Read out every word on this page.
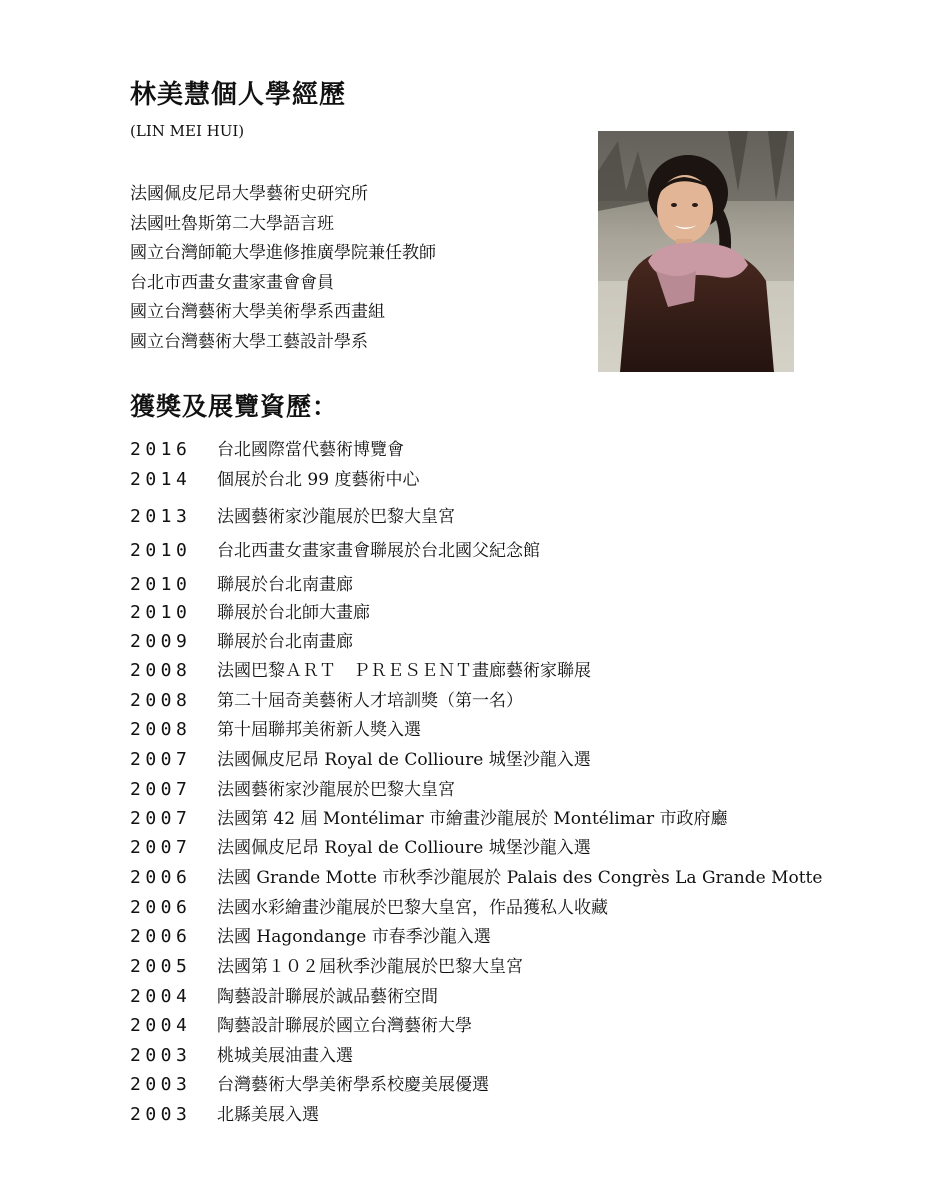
林美慧個人學經歷
(LIN MEI HUI)
法國佩皮尼昂大學藝術史研究所
法國吐魯斯第二大學語言班
國立台灣師範大學進修推廣學院兼任教師
台北市西畫女畫家畫會會員
國立台灣藝術大學美術學系西畫組
國立台灣藝術大學工藝設計學系
獲獎及展覽資歷：
2016	台北國際當代藝術博覽會
2014	個展於台北 99 度藝術中心
2013	法國藝術家沙龍展於巴黎大皇宮
2010	台北西畫女畫家畫會聯展於台北國父紀念館
2010	聯展於台北南畫廊
2010	聯展於台北師大畫廊
2009	聯展於台北南畫廊
2008	法國巴黎ＡＲＴ　ＰＲＥＳＥＮＴ畫廊藝術家聯展
2008	第二十屆奇美藝術人才培訓獎（第一名）
2008	第十屆聯邦美術新人獎入選
2007	法國佩皮尼昂 Royal de Collioure 城堡沙龍入選
2007	法國藝術家沙龍展於巴黎大皇宮
2007	法國第 42 屆 Montélimar 市繪畫沙龍展於 Montélimar 市政府廳
2007	法國佩皮尼昂 Royal de Collioure 城堡沙龍入選
2006	法國 Grande Motte 市秋季沙龍展於 Palais des Congrès La Grande Motte
2006	法國水彩繪畫沙龍展於巴黎大皇宮，作品獲私人收藏
2006	法國 Hagondange 市春季沙龍入選
2005	法國第１０２屆秋季沙龍展於巴黎大皇宮
2004	陶藝設計聯展於誠品藝術空間
2004	陶藝設計聯展於國立台灣藝術大學
2003	桃城美展油畫入選
2003	台灣藝術大學美術學系校慶美展優選
2003	北縣美展入選
